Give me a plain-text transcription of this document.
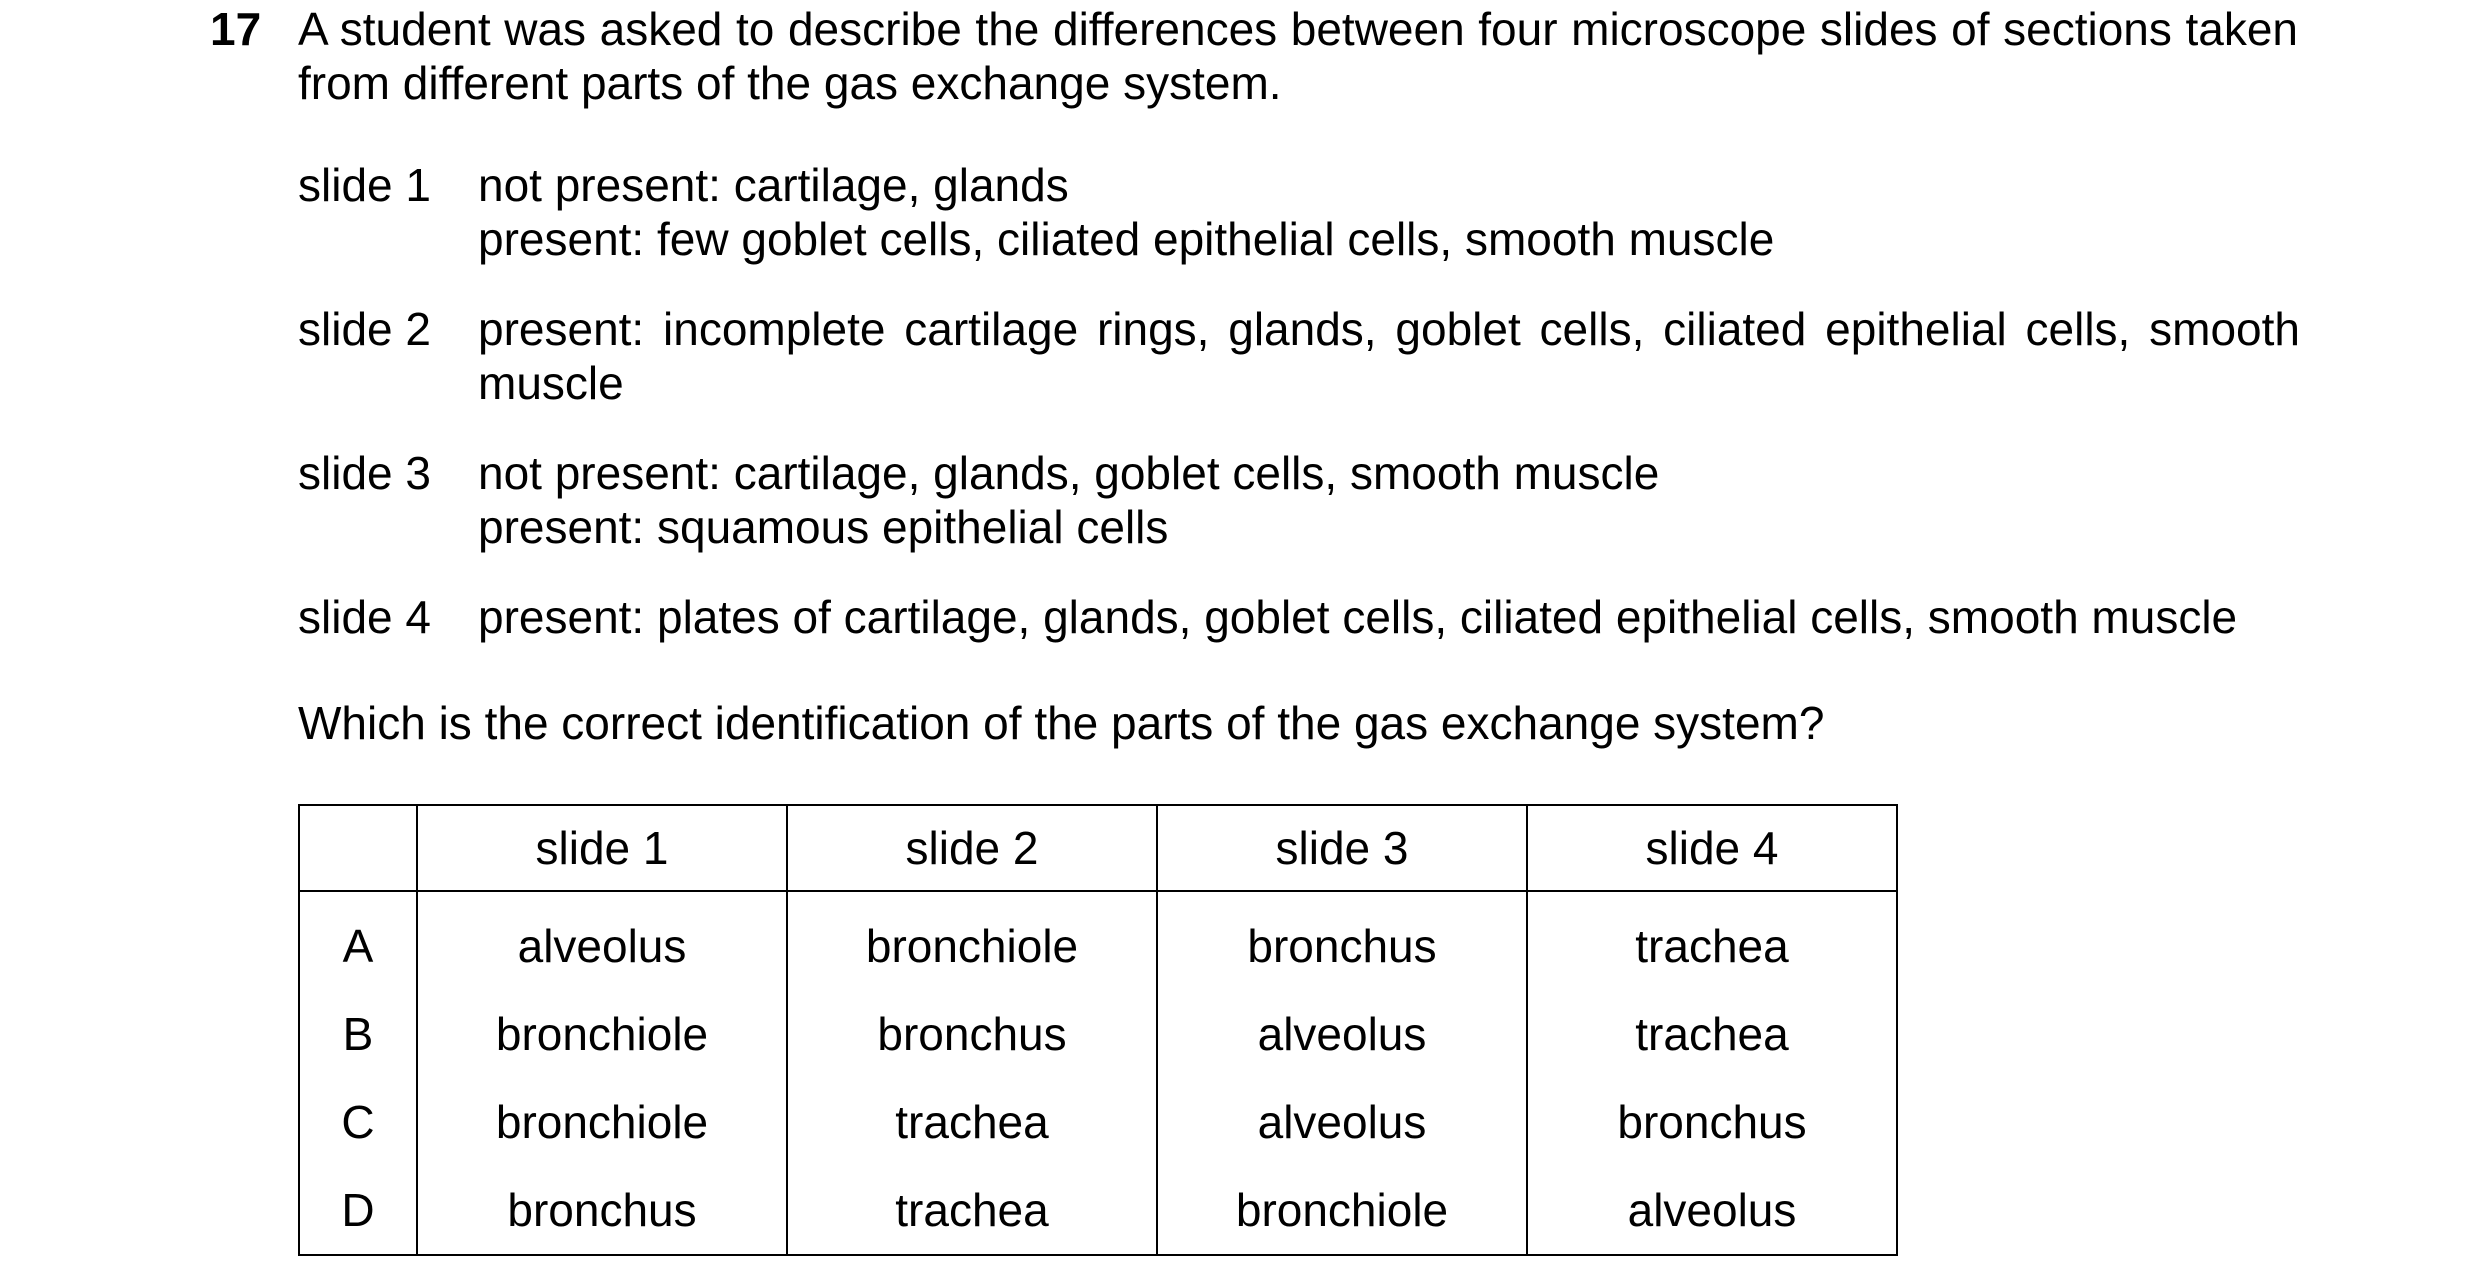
17 A student was asked to describe the differences between four microscope slides of sections taken from different parts of the gas exchange system.
slide 1	not present: cartilage, glands
present: few goblet cells, ciliated epithelial cells, smooth muscle
slide 2	present: incomplete cartilage rings, glands, goblet cells, ciliated epithelial cells, smooth muscle
slide 3	not present: cartilage, glands, goblet cells, smooth muscle
present: squamous epithelial cells
slide 4	present: plates of cartilage, glands, goblet cells, ciliated epithelial cells, smooth muscle
Which is the correct identification of the parts of the gas exchange system?
	slide 1	slide 2	slide 3	slide 4
A	alveolus	bronchiole	bronchus	trachea
B	bronchiole	bronchus	alveolus	trachea
C	bronchiole	trachea	alveolus	bronchus
D	bronchus	trachea	bronchiole	alveolus
